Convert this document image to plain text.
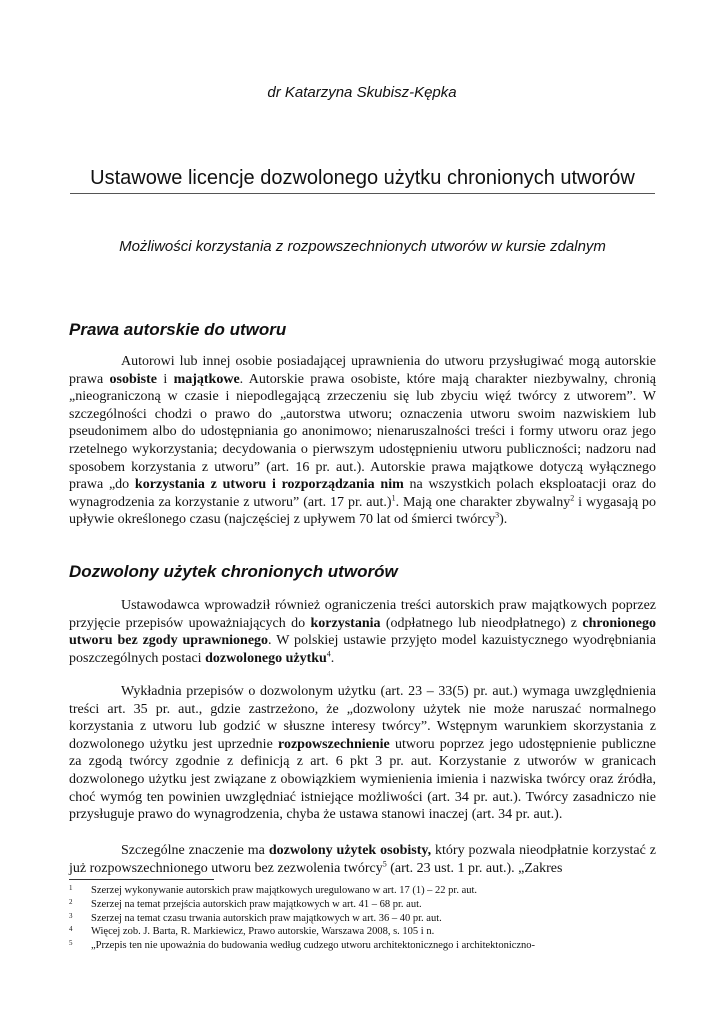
dr Katarzyna Skubisz-Kępka
Ustawowe licencje dozwolonego użytku chronionych utworów
Możliwości korzystania z rozpowszechnionych utworów w kursie zdalnym
Prawa autorskie do utworu
Autorowi lub innej osobie posiadającej uprawnienia do utworu przysługiwać mogą autorskie prawa osobiste i majątkowe. Autorskie prawa osobiste, które mają charakter niezbywalny, chronią „nieograniczoną w czasie i niepodlegającą zrzeczeniu się lub zbyciu więź twórcy z utworem”. W szczególności chodzi o prawo do „autorstwa utworu; oznaczenia utworu swoim nazwiskiem lub pseudonimem albo do udostępniania go anonimowo; nienaruszalności treści i formy utworu oraz jego rzetelnego wykorzystania; decydowania o pierwszym udostępnieniu utworu publiczności; nadzoru nad sposobem korzystania z utworu” (art. 16 pr. aut.). Autorskie prawa majątkowe dotyczą wyłącznego prawa „do korzystania z utworu i rozporządzania nim na wszystkich polach eksploatacji oraz do wynagrodzenia za korzystanie z utworu” (art. 17 pr. aut.)$^1$. Mają one charakter zbywalny$^2$ i wygasają po upływie określonego czasu (najczęściej z upływem 70 lat od śmierci twórcy$^3$).
Dozwolony użytek chronionych utworów
Ustawodawca wprowadził również ograniczenia treści autorskich praw majątkowych poprzez przyjęcie przepisów upoważniających do korzystania (odpłatnego lub nieodpłatnego) z chronionego utworu bez zgody uprawnionego. W polskiej ustawie przyjęto model kazuistycznego wyodrębniania poszczególnych postaci dozwolonego użytku$^4$.
Wykładnia przepisów o dozwolonym użytku (art. 23 – 33(5) pr. aut.) wymaga uwzględnienia treści art. 35 pr. aut., gdzie zastrzeżono, że „dozwolony użytek nie może naruszać normalnego korzystania z utworu lub godzić w słuszne interesy twórcy”. Wstępnym warunkiem skorzystania z dozwolonego użytku jest uprzednie rozpowszechnienie utworu poprzez jego udostępnienie publiczne za zgodą twórcy zgodnie z definicją z art. 6 pkt 3 pr. aut. Korzystanie z utworów w granicach dozwolonego użytku jest związane z obowiązkiem wymienienia imienia i nazwiska twórcy oraz źródła, choć wymóg ten powinien uwzględniać istniejące możliwości (art. 34 pr. aut.). Twórcy zasadniczo nie przysługuje prawo do wynagrodzenia, chyba że ustawa stanowi inaczej (art. 34 pr. aut.).
Szczególne znaczenie ma dozwolony użytek osobisty, który pozwala nieodpłatnie korzystać z już rozpowszechnionego utworu bez zezwolenia twórcy$^5$ (art. 23 ust. 1 pr. aut.). „Zakres
1 Szerzej wykonywanie autorskich praw majątkowych uregulowano w art. 17 (1) – 22 pr. aut.
2 Szerzej na temat przejścia autorskich praw majątkowych w art. 41 – 68 pr. aut.
3 Szerzej na temat czasu trwania autorskich praw majątkowych w art. 36 – 40 pr. aut.
4 Więcej zob. J. Barta, R. Markiewicz, Prawo autorskie, Warszawa 2008, s. 105 i n.
5 „Przepis ten nie upoważnia do budowania według cudzego utworu architektonicznego i architektoniczno-
